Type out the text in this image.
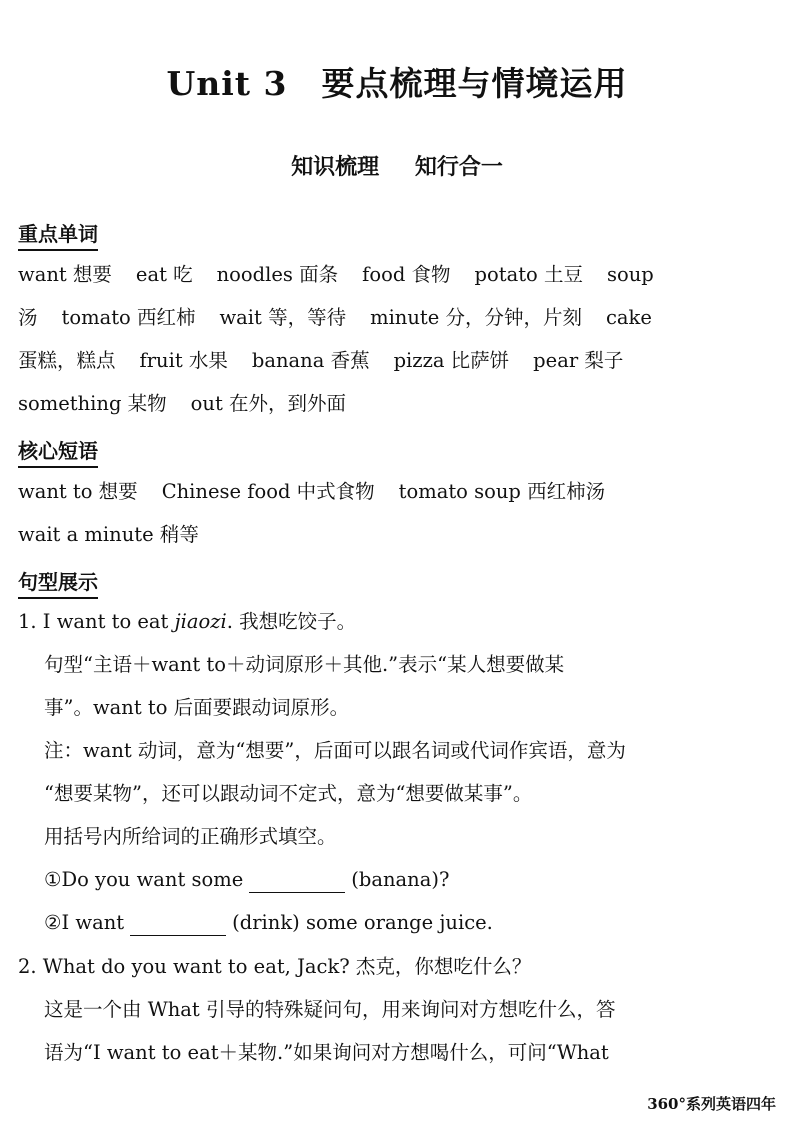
Unit 3　要点梳理与情境运用
知识梳理 知行合一
重点单词
want 想要 eat 吃 noodles 面条 food 食物 potato 土豆 soup
汤 tomato 西红柿 wait 等，等待 minute 分，分钟，片刻 cake
蛋糕，糕点 fruit 水果 banana 香蕉 pizza 比萨饼 pear 梨子
something 某物 out 在外，到外面
核心短语
want to 想要 Chinese food 中式食物 tomato soup 西红柿汤
wait a minute 稍等
句型展示
1. I want to eat jiaozi. 我想吃饺子。
句型“主语＋want to＋动词原形＋其他.”表示“某人想要做某
事”。want to 后面要跟动词原形。
注：want 动词，意为“想要”，后面可以跟名词或代词作宾语，意为
“想要某物”，还可以跟动词不定式，意为“想要做某事”。
用括号内所给词的正确形式填空。
①Do you want some	(banana)?
②I want	(drink) some orange juice.
2. What do you want to eat, Jack? 杰克，你想吃什么？
这是一个由 What 引导的特殊疑问句，用来询问对方想吃什么，答
语为“I want to eat＋某物.”如果询问对方想喝什么，可问“What
360°系列英语四年
